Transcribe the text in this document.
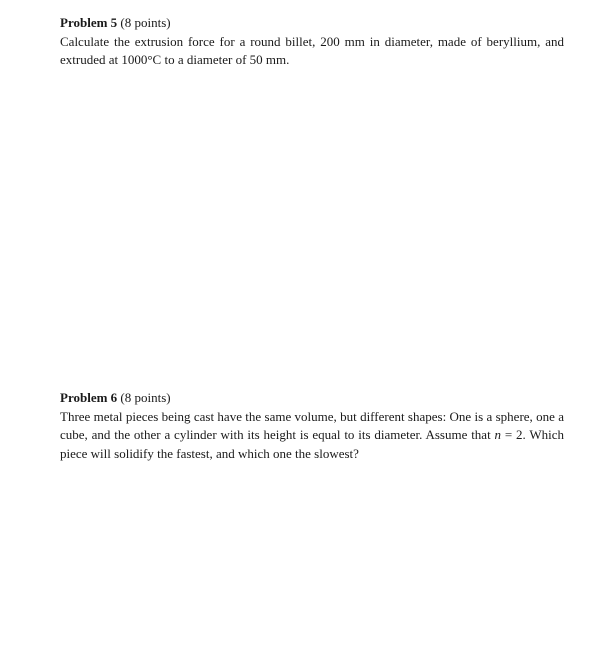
Problem 5 (8 points)

Calculate the extrusion force for a round billet, 200 mm in diameter, made of beryllium, and extruded at 1000°C to a diameter of 50 mm.

Problem 6 (8 points)

Three metal pieces being cast have the same volume, but different shapes: One is a sphere, one a cube, and the other a cylinder with its height is equal to its diameter. Assume that n = 2. Which piece will solidify the fastest, and which one the slowest?
